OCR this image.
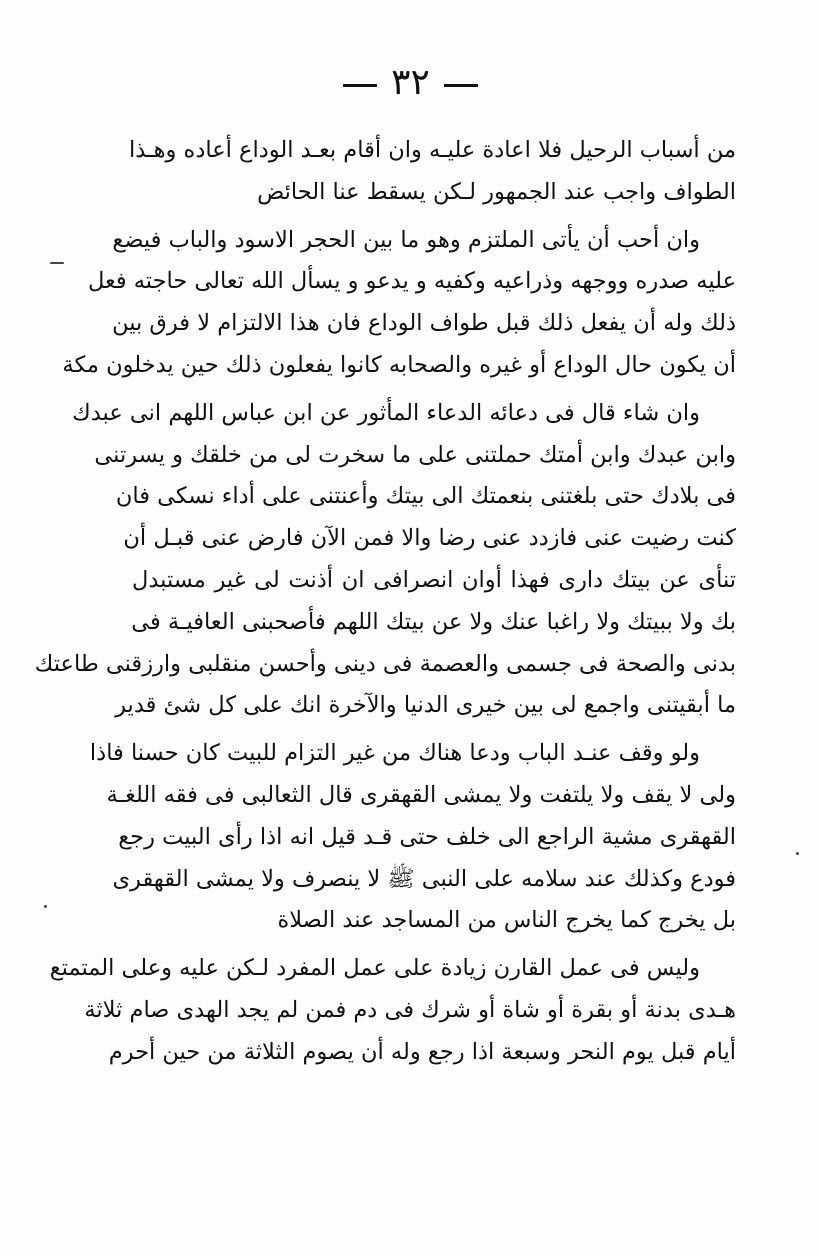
٣٢
من أسباب الرحيل فلا اعادة عليـه وان أقام بعـد الوداع أعاده وهـذا
الطواف واجب عند الجمهور لـكن يسقط عنا الحائض
وان أحب أن يأتى الملتزم وهو ما بين الحجر الاسود والباب فيضع
عليه صدره ووجهه وذراعيه وكفيه و يدعو و يسأل الله تعالى حاجته فعل
ذلك وله أن يفعل ذلك قبل طواف الوداع فان هذا الالتزام لا فرق بين
أن يكون حال الوداع أو غيره والصحابه كانوا يفعلون ذلك حين يدخلون مكة
وان شاء قال فى دعائه الدعاء المأثور عن ابن عباس اللهم انى عبدك
وابن عبدك وابن أمتك حملتنى على ما سخرت لى من خلقك و يسرتنى
فى بلادك حتى بلغتنى بنعمتك الى بيتك وأعنتنى على أداء نسكى فان
كنت رضيت عنى فازدد عنى رضا والا فمن الآن فارض عنى قبـل أن
تنأى عن بيتك دارى فهذا أوان انصرافى ان أذنت لى غير مستبدل
بك ولا ببيتك ولا راغبا عنك ولا عن بيتك اللهم فأصحبنى العافيـة فى
بدنى والصحة فى جسمى والعصمة فى دينى وأحسن منقلبى وارزقنى طاعتك
ما أبقيتنى واجمع لى بين خيرى الدنيا والآخرة انك على كل شئ قدير
ولو وقف عنـد الباب ودعا هناك من غير التزام للبيت كان حسنا فاذا
ولى لا يقف ولا يلتفت ولا يمشى القهقرى قال الثعالبى فى فقه اللغـة
القهقرى مشية الراجع الى خلف حتى قـد قيل انه اذا رأى البيت رجع
فودع وكذلك عند سلامه على النبى ﷺ لا ينصرف ولا يمشى القهقرى
بل يخرج كما يخرج الناس من المساجد عند الصلاة
وليس فى عمل القارن زيادة على عمل المفرد لـكن عليه وعلى المتمتع
هـدى بدنة أو بقرة أو شاة أو شرك فى دم فمن لم يجد الهدى صام ثلاثة
أيام قبل يوم النحر وسبعة اذا رجع وله أن يصوم الثلاثة من حين أحرم
